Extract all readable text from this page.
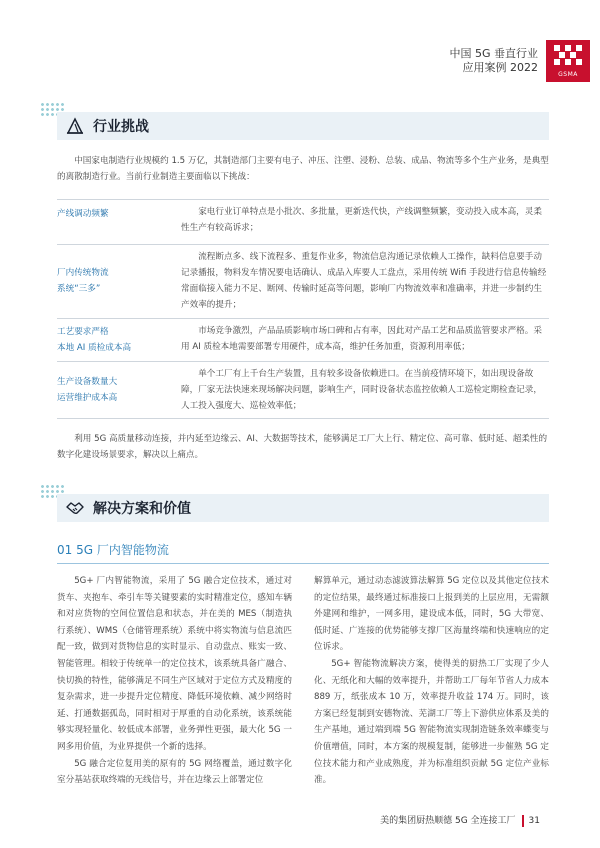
中国 5G 垂直行业
应用案例 2022
GSMA
行业挑战
中国家电制造行业规模约 1.5 万亿，其制造部门主要有电子、冲压、注塑、浸粉、总装、成品、物流等多个生产业务，是典型的离散制造行业。当前行业制造主要面临以下挑战：
产线调动频繁	家电行业订单特点是小批次、多批量，更新迭代快，产线调整频繁，变动投入成本高，灵柔性生产有较高诉求；
厂内传统物流
系统“三多”
流程断点多、线下流程多、重复作业多，物流信息沟通记录依赖人工操作，缺料信息要手动记录播报，物料发车情况要电话确认、成品入库要人工盘点，采用传统 Wifi 手段进行信息传输经常面临接入能力不足、断网、传输时延高等问题，影响厂内物流效率和准确率，并进一步制约生产效率的提升；
工艺要求严格
本地 AI 质检成本高
市场竞争激烈，产品品质影响市场口碑和占有率，因此对产品工艺和品质监管要求严格。采用 AI 质检本地需要部署专用硬件，成本高，维护任务加重，资源利用率低；
生产设备数量大
运营维护成本高
单个工厂有上千台生产装置，且有较多设备依赖进口。在当前疫情环境下，如出现设备故障，厂家无法快速来现场解决问题，影响生产，同时设备状态监控依赖人工巡检定期检查记录，人工投入强度大、巡检效率低；
利用 5G 高质量移动连接，并内延至边缘云、AI、大数据等技术，能够满足工厂大上行、精定位、高可靠、低时延、超柔性的数字化建设场景要求，解决以上痛点。
解决方案和价值
01 5G 厂内智能物流

5G+ 厂内智能物流，采用了 5G 融合定位技术，通过对货车、夹抱车、牵引车等关键要素的实时精准定位，感知车辆和对应货物的空间位置信息和状态，并在美的 MES（制造执行系统）、WMS（仓储管理系统）系统中将实物流与信息流匹配一致，做到对货物信息的实时显示、自动盘点、账实一致、智能管理。相较于传统单一的定位技术，该系统具备广融合、快切换的特性，能够满足不同生产区域对于定位方式及精度的复杂需求，进一步提升定位精度、降低环境依赖、减少网络时延、打通数据孤岛，同时相对于厚重的自动化系统，该系统能够实现轻量化、较低成本部署，业务弹性更强，最大化 5G 一网多用价值，为业界提供一个新的选择。

5G 融合定位复用美的原有的 5G 网络覆盖，通过数字化室分基站获取终端的无线信号，并在边缘云上部署定位

解算单元，通过动态滤波算法解算 5G 定位以及其他定位技术的定位结果，最终通过标准接口上报到美的上层应用，无需额外建网和维护，一网多用，建设成本低，同时，5G 大带宽、低时延、广连接的优势能够支撑厂区海量终端和快速响应的定位诉求。

5G+ 智能物流解决方案，使得美的厨热工厂实现了少人化、无纸化和大幅的效率提升，并帮助工厂每年节省人力成本 889 万，纸张成本 10 万，效率提升收益 174 万。同时，该方案已经复制到安德物流、芜湖工厂等上下游供应体系及美的生产基地，通过端到端 5G 智能物流实现制造链条效率蝶变与价值增值，同时，本方案的规模复制，能够进一步催熟 5G 定位技术能力和产业成熟度，并为标准组织贡献 5G 定位产业标准。

美的集团厨热顺德 5G 全连接工厂 31
